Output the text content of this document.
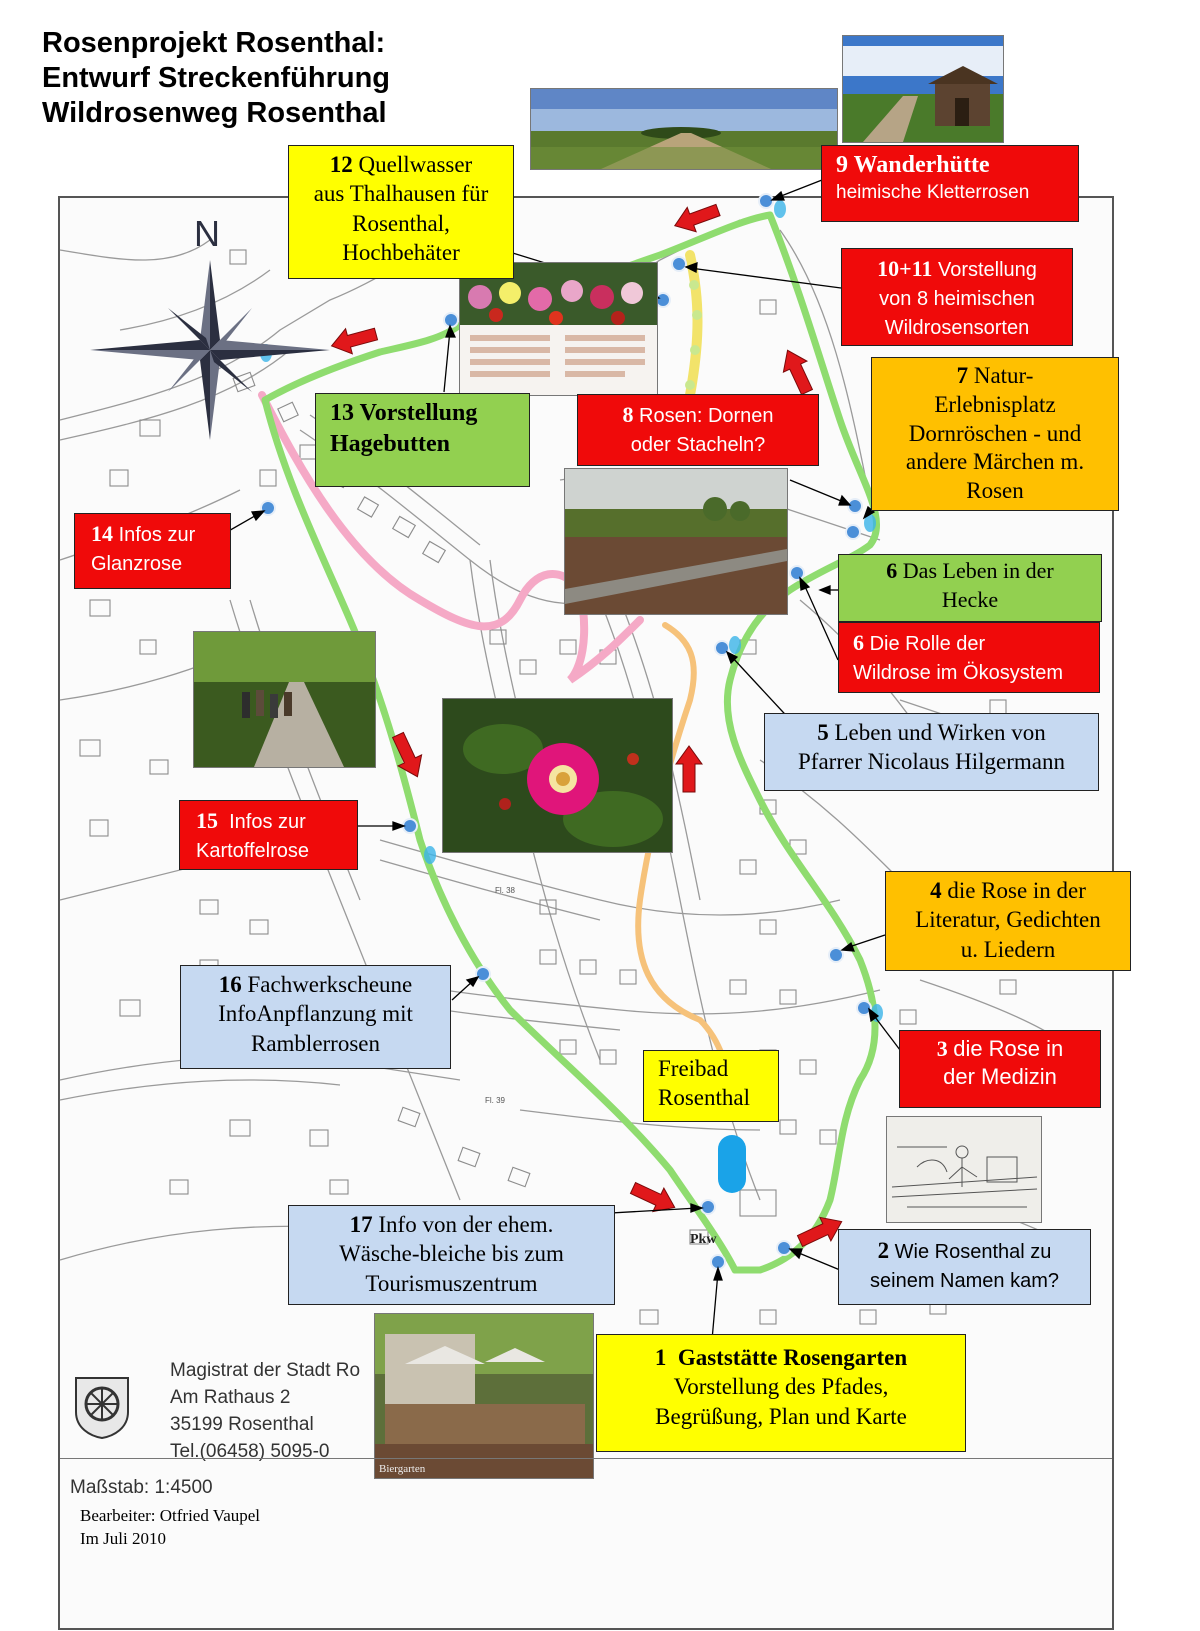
Rosenprojekt Rosenthal:
Entwurf Streckenführung
Wildrosenweg Rosenthal
Fl. 38
Fl. 39
Pkw
N
Biergarten
Magistrat der Stadt Ro
Am Rathaus 2
35199 Rosenthal
Tel.(06458) 5095-0
Maßstab: 1:4500
Bearbeiter: Otfried Vaupel
Im Juli 2010
12 Quellwasser
aus Thalhausen für
Rosenthal,
Hochbehäter
9 Wanderhütte
heimische Kletterrosen
10+11 Vorstellung
von 8 heimischen
Wildrosensorten
7 Natur-
Erlebnisplatz
Dornröschen - und
andere Märchen m.
Rosen
13 Vorstellung
Hagebutten
8 Rosen: Dornen
oder Stacheln?
14 Infos zur
Glanzrose	6 Das Leben in der
Hecke
6 Die Rolle der
Wildrose im Ökosystem
5 Leben und Wirken von
Pfarrer Nicolaus Hilgermann
15 Infos zur
Kartoffelrose
4 die Rose in der
Literatur, Gedichten
u. Liedern
16 Fachwerkscheune
InfoAnpflanzung mit
Ramblerrosen	3 die Rose in
der Medizin
Freibad
Rosenthal
17 Info von der ehem.
Wäsche-bleiche bis zum
Tourismuszentrum
2 Wie Rosenthal zu
seinem Namen kam?
1 Gaststätte Rosengarten
Vorstellung des Pfades,
Begrüßung, Plan und Karte
